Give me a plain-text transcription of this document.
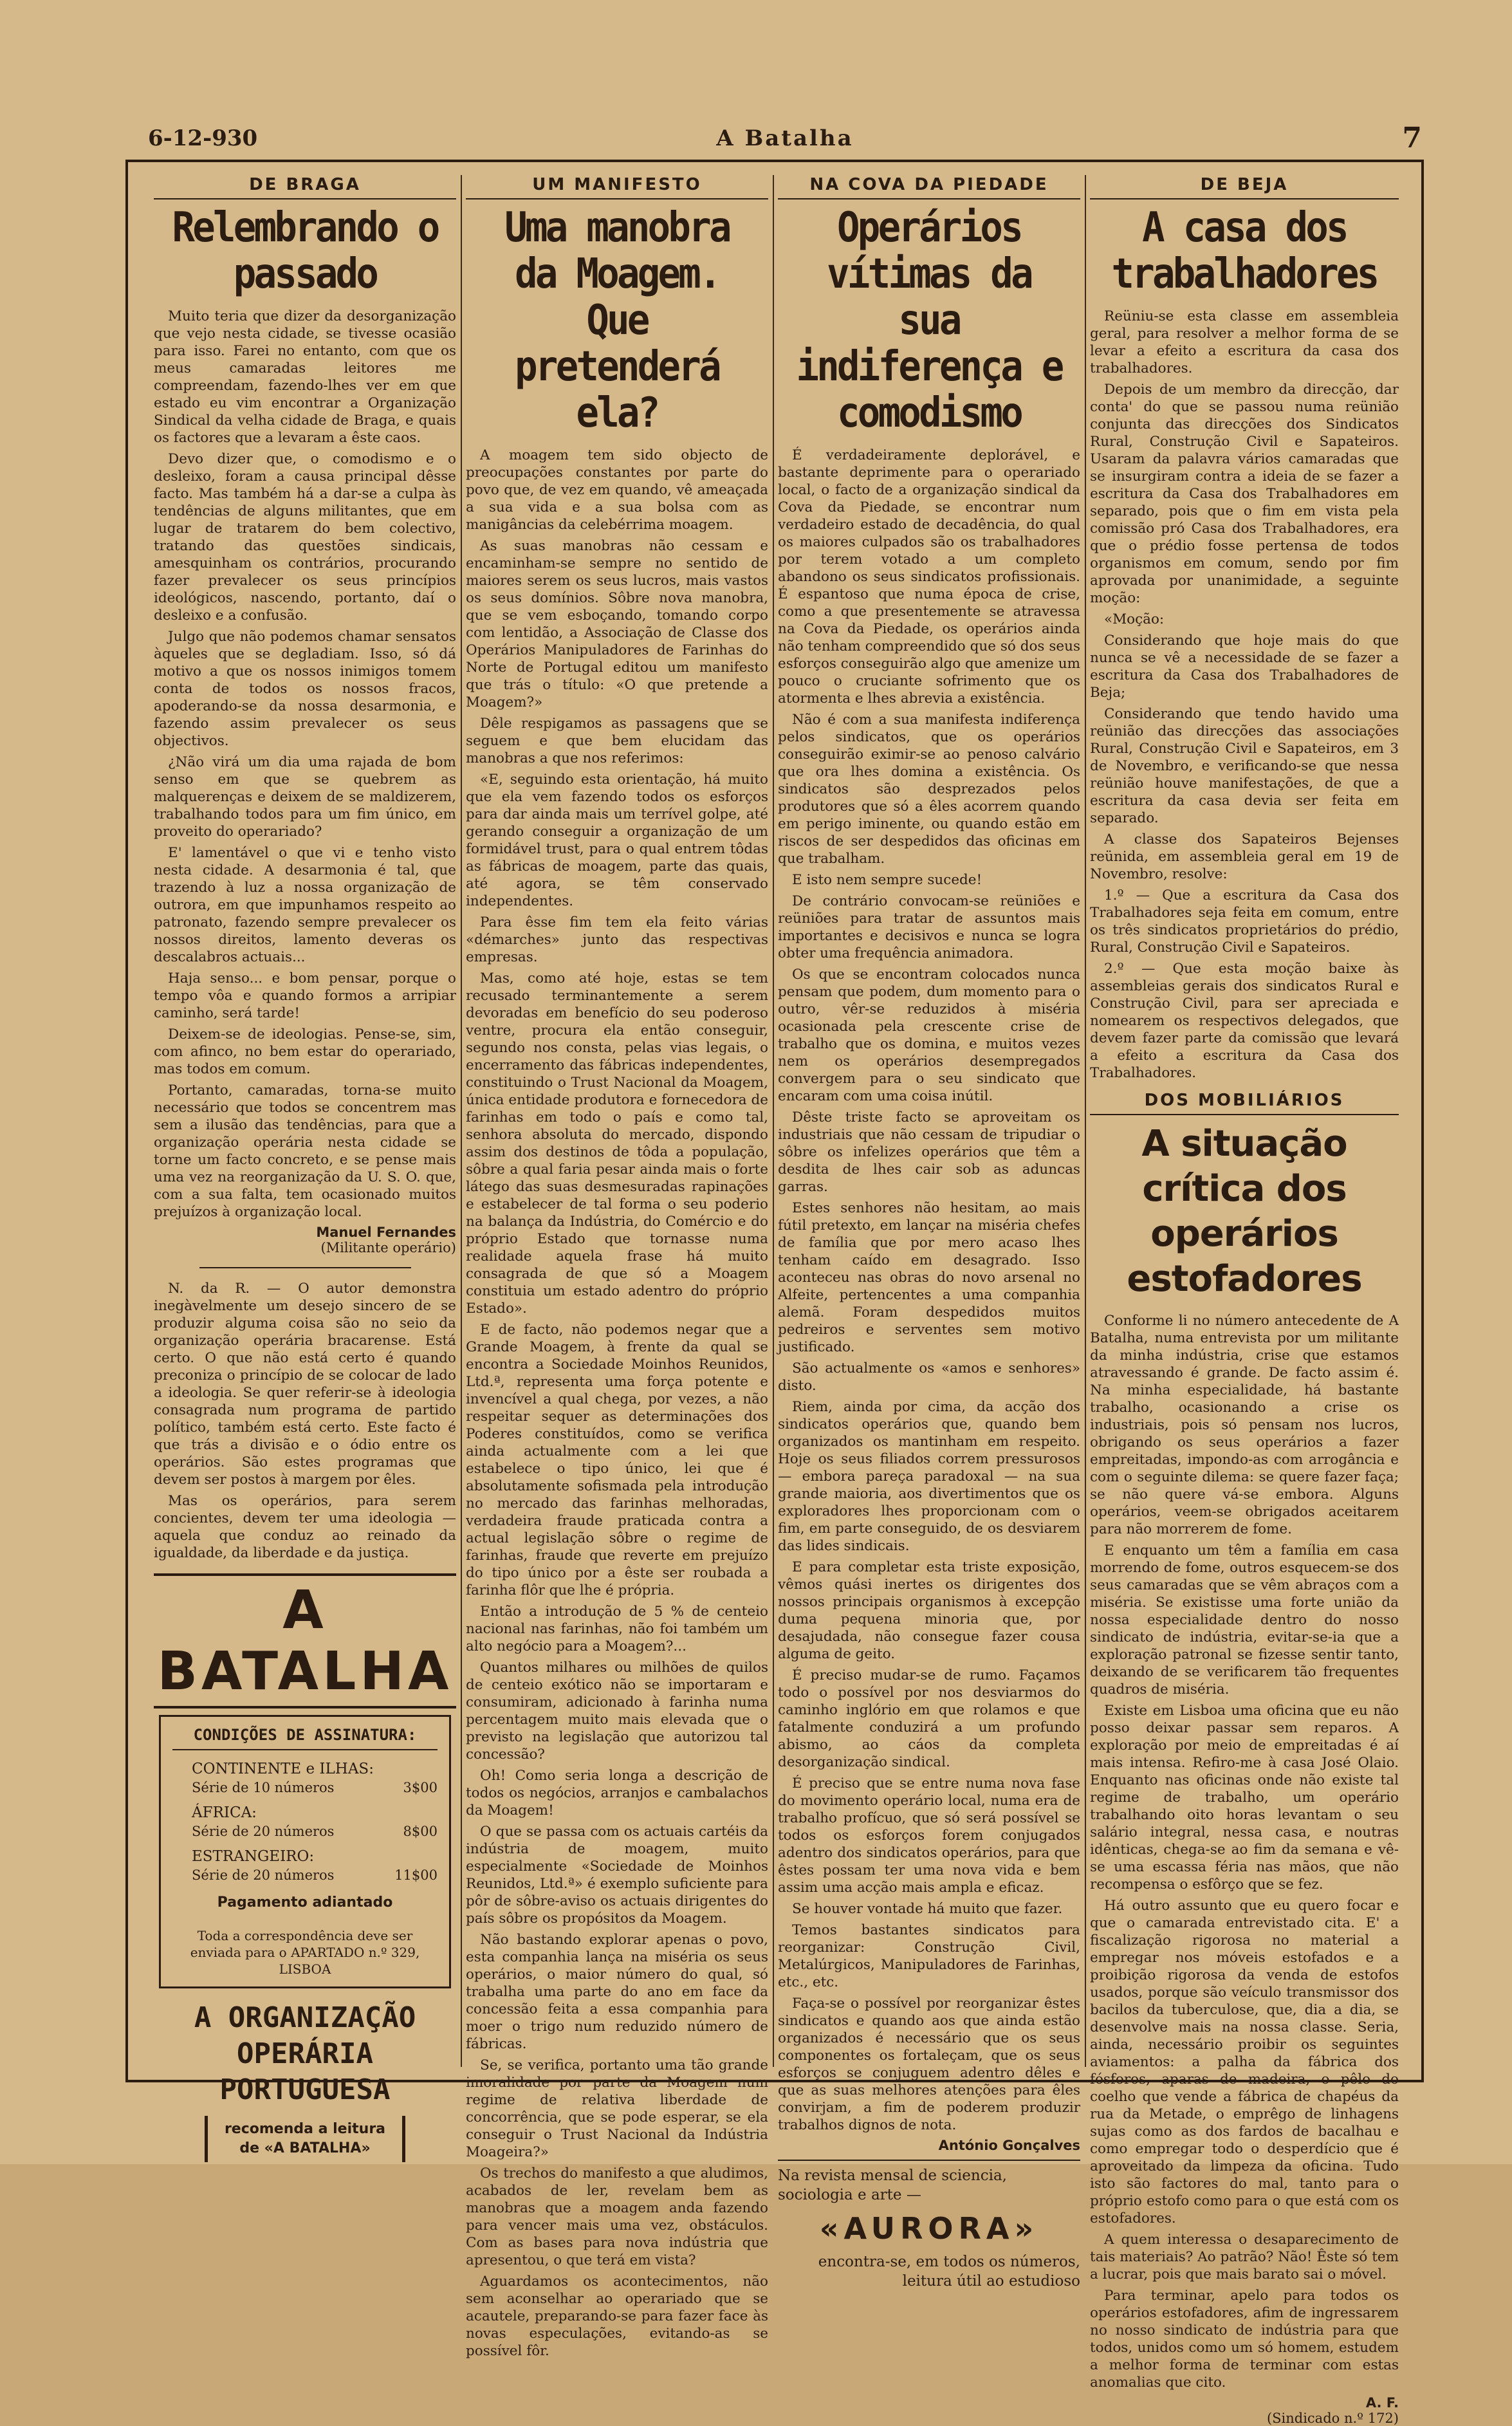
6-12-930	A Batalha	7
DE BRAGA
Relembrando o passado

Muito teria que dizer da desorganização que vejo nesta cidade, se tivesse ocasião para isso. Farei no entanto, com que os meus camaradas leitores me compreendam, fazendo-lhes ver em que estado eu vim encontrar a Organização Sindical da velha cidade de Braga, e quais os factores que a levaram a êste caos.

Devo dizer que, o comodismo e o desleixo, foram a causa principal dêsse facto. Mas também há a dar-se a culpa às tendências de alguns militantes, que em lugar de tratarem do bem colectivo, tratando das questões sindicais, amesquinham os contrários, procurando fazer prevalecer os seus princípios ideológicos, nascendo, portanto, daí o desleixo e a confusão.

Julgo que não podemos chamar sensatos àqueles que se degladiam. Isso, só dá motivo a que os nossos inimigos tomem conta de todos os nossos fracos, apoderando-se da nossa desarmonia, e fazendo assim prevalecer os seus objectivos.

¿Não virá um dia uma rajada de bom senso em que se quebrem as malquerenças e deixem de se maldizerem, trabalhando todos para um fim único, em proveito do operariado?

E' lamentável o que vi e tenho visto nesta cidade. A desarmonia é tal, que trazendo à luz a nossa organização de outrora, em que impunhamos respeito ao patronato, fazendo sempre prevalecer os nossos direitos, lamento deveras os descalabros actuais...

Haja senso... e bom pensar, porque o tempo vôa e quando formos a arripiar caminho, será tarde!

Deixem-se de ideologias. Pense-se, sim, com afinco, no bem estar do operariado, mas todos em comum.

Portanto, camaradas, torna-se muito necessário que todos se concentrem mas sem a ilusão das tendências, para que a organização operária nesta cidade se torne um facto concreto, e se pense mais uma vez na reorganização da U. S. O. que, com a sua falta, tem ocasionado muitos prejuízos à organização local.

Manuel Fernandes
(Militante operário)

N. da R. — O autor demonstra inegàvelmente um desejo sincero de se produzir alguma coisa são no seio da organização operária bracarense. Está certo. O que não está certo é quando preconiza o princípio de se colocar de lado a ideologia. Se quer referir-se à ideologia consagrada num programa de partido político, também está certo. Este facto é que trás a divisão e o ódio entre os operários. São estes programas que devem ser postos à margem por êles.

Mas os operários, para serem concientes, devem ter uma ideologia — aquela que conduz ao reinado da igualdade, da liberdade e da justiça.

A BATALHA
CONDIÇÕES DE ASSINATURA:
CONTINENTE e ILHAS:
Série de 10 números	3$00
ÁFRICA:
Série de 20 números	8$00
ESTRANGEIRO:
Série de 20 números	11$00
Pagamento adiantado
Toda a correspondência deve ser enviada para o APARTADO n.º 329, LISBOA
A ORGANIZAÇÃO OPERÁRIA PORTUGUESA
recomenda a leitura de «A BATALHA»
UM MANIFESTO
Uma manobra da Moagem. Que pretenderá ela?

A moagem tem sido objecto de preocupações constantes por parte do povo que, de vez em quando, vê ameaçada a sua vida e a sua bolsa com as manigâncias da celebérrima moagem.

As suas manobras não cessam e encaminham-se sempre no sentido de maiores serem os seus lucros, mais vastos os seus domínios. Sôbre nova manobra, que se vem esboçando, tomando corpo com lentidão, a Associação de Classe dos Operários Manipuladores de Farinhas do Norte de Portugal editou um manifesto que trás o título: «O que pretende a Moagem?»

Dêle respigamos as passagens que se seguem e que bem elucidam das manobras a que nos referimos:

«E, seguindo esta orientação, há muito que ela vem fazendo todos os esforços para dar ainda mais um terrível golpe, até gerando conseguir a organização de um formidável trust, para o qual entrem tôdas as fábricas de moagem, parte das quais, até agora, se têm conservado independentes.

Para êsse fim tem ela feito várias «démarches» junto das respectivas empresas.

Mas, como até hoje, estas se tem recusado terminantemente a serem devoradas em benefício do seu poderoso ventre, procura ela então conseguir, segundo nos consta, pelas vias legais, o encerramento das fábricas independentes, constituindo o Trust Nacional da Moagem, única entidade produtora e fornecedora de farinhas em todo o país e como tal, senhora absoluta do mercado, dispondo assim dos destinos de tôda a população, sôbre a qual faria pesar ainda mais o forte látego das suas desmesuradas rapinações e estabelecer de tal forma o seu poderio na balança da Indústria, do Comércio e do próprio Estado que tornasse numa realidade aquela frase há muito consagrada de que só a Moagem constituia um estado adentro do próprio Estado».

E de facto, não podemos negar que a Grande Moagem, à frente da qual se encontra a Sociedade Moinhos Reunidos, Ltd.ª, representa uma força potente e invencível a qual chega, por vezes, a não respeitar sequer as determinações dos Poderes constituídos, como se verifica ainda actualmente com a lei que estabelece o tipo único, lei que é absolutamente sofismada pela introdução no mercado das farinhas melhoradas, verdadeira fraude praticada contra a actual legislação sôbre o regime de farinhas, fraude que reverte em prejuízo do tipo único por a êste ser roubada a farinha flôr que lhe é própria.

Então a introdução de 5 % de centeio nacional nas farinhas, não foi também um alto negócio para a Moagem?...

Quantos milhares ou milhões de quilos de centeio exótico não se importaram e consumiram, adicionado à farinha numa percentagem muito mais elevada que o previsto na legislação que autorizou tal concessão?

Oh! Como seria longa a descrição de todos os negócios, arranjos e cambalachos da Moagem!

O que se passa com os actuais cartéis da indústria de moagem, muito especialmente «Sociedade de Moinhos Reunidos, Ltd.ª» é exemplo suficiente para pôr de sôbre-aviso os actuais dirigentes do país sôbre os propósitos da Moagem.

Não bastando explorar apenas o povo, esta companhia lança na miséria os seus operários, o maior número do qual, só trabalha uma parte do ano em face da concessão feita a essa companhia para moer o trigo num reduzido número de fábricas.

Se, se verifica, portanto uma tão grande imoralidade por parte da Moagem num regime de relativa liberdade de concorrência, que se pode esperar, se ela conseguir o Trust Nacional da Indústria Moageira?»

Os trechos do manifesto a que aludimos, acabados de ler, revelam bem as manobras que a moagem anda fazendo para vencer mais uma vez, obstáculos. Com as bases para nova indústria que apresentou, o que terá em vista?

Aguardamos os acontecimentos, não sem aconselhar ao operariado que se acautele, preparando-se para fazer face às novas especulações, evitando-as se possível fôr.

NA COVA DA PIEDADE
Operários vítimas da sua indiferença e comodismo

É verdadeiramente deplorável, e bastante deprimente para o operariado local, o facto de a organização sindical da Cova da Piedade, se encontrar num verdadeiro estado de decadência, do qual os maiores culpados são os trabalhadores por terem votado a um completo abandono os seus sindicatos profissionais. É espantoso que numa época de crise, como a que presentemente se atravessa na Cova da Piedade, os operários ainda não tenham compreendido que só dos seus esforços conseguirão algo que amenize um pouco o cruciante sofrimento que os atormenta e lhes abrevia a existência.

Não é com a sua manifesta indiferença pelos sindicatos, que os operários conseguirão eximir-se ao penoso calvário que ora lhes domina a existência. Os sindicatos são desprezados pelos produtores que só a êles acorrem quando em perigo iminente, ou quando estão em riscos de ser despedidos das oficinas em que trabalham.

E isto nem sempre sucede!

De contrário convocam-se reüniões e reüniões para tratar de assuntos mais importantes e decisivos e nunca se logra obter uma frequência animadora.

Os que se encontram colocados nunca pensam que podem, dum momento para o outro, vêr-se reduzidos à miséria ocasionada pela crescente crise de trabalho que os domina, e muitos vezes nem os operários desempregados convergem para o seu sindicato que encaram com uma coisa inútil.

Dêste triste facto se aproveitam os industriais que não cessam de tripudiar o sôbre os infelizes operários que têm a desdita de lhes cair sob as aduncas garras.

Estes senhores não hesitam, ao mais fútil pretexto, em lançar na miséria chefes de família que por mero acaso lhes tenham caído em desagrado. Isso aconteceu nas obras do novo arsenal no Alfeite, pertencentes a uma companhia alemã. Foram despedidos muitos pedreiros e serventes sem motivo justificado.

São actualmente os «amos e senhores» disto.

Riem, ainda por cima, da acção dos sindicatos operários que, quando bem organizados os mantinham em respeito. Hoje os seus filiados correm pressurosos — embora pareça paradoxal — na sua grande maioria, aos divertimentos que os exploradores lhes proporcionam com o fim, em parte conseguido, de os desviarem das lides sindicais.

E para completar esta triste exposição, vêmos quási inertes os dirigentes dos nossos principais organismos à excepção duma pequena minoria que, por desajudada, não consegue fazer cousa alguma de geito.

É preciso mudar-se de rumo. Façamos todo o possível por nos desviarmos do caminho inglório em que rolamos e que fatalmente conduzirá a um profundo abismo, ao cáos da completa desorganização sindical.

É preciso que se entre numa nova fase do movimento operário local, numa era de trabalho profícuo, que só será possível se todos os esforços forem conjugados adentro dos sindicatos operários, para que êstes possam ter uma nova vida e bem assim uma acção mais ampla e eficaz.

Se houver vontade há muito que fazer.

Temos bastantes sindicatos para reorganizar: Construção Civil, Metalúrgicos, Manipuladores de Farinhas, etc., etc.

Faça-se o possível por reorganizar êstes sindicatos e quando aos que ainda estão organizados é necessário que os seus componentes os fortaleçam, que os seus esforços se conjuguem adentro dêles e que as suas melhores atenções para êles convirjam, a fim de poderem produzir trabalhos dignos de nota.

António Gonçalves
Na revista mensal de sciencia, sociologia e arte —
«AURORA»
encontra-se, em todos os números, leitura útil ao estudioso
DE BEJA
A casa dos trabalhadores

Reüniu-se esta classe em assembleia geral, para resolver a melhor forma de se levar a efeito a escritura da casa dos trabalhadores.

Depois de um membro da direcção, dar conta' do que se passou numa reünião conjunta das direcções dos Sindicatos Rural, Construção Civil e Sapateiros. Usaram da palavra vários camaradas que se insurgiram contra a ideia de se fazer a escritura da Casa dos Trabalhadores em separado, pois que o fim em vista pela comissão pró Casa dos Trabalhadores, era que o prédio fosse pertensa de todos organismos em comum, sendo por fim aprovada por unanimidade, a seguinte moção:

«Moção:

Considerando que hoje mais do que nunca se vê a necessidade de se fazer a escritura da Casa dos Trabalhadores de Beja;

Considerando que tendo havido uma reünião das direcções das associações Rural, Construção Civil e Sapateiros, em 3 de Novembro, e verificando-se que nessa reünião houve manifestações, de que a escritura da casa devia ser feita em separado.

A classe dos Sapateiros Bejenses reünida, em assembleia geral em 19 de Novembro, resolve:

1.º — Que a escritura da Casa dos Trabalhadores seja feita em comum, entre os três sindicatos proprietários do prédio, Rural, Construção Civil e Sapateiros.

2.º — Que esta moção baixe às assembleias gerais dos sindicatos Rural e Construção Civil, para ser apreciada e nomearem os respectivos delegados, que devem fazer parte da comissão que levará a efeito a escritura da Casa dos Trabalhadores.

DOS MOBILIÁRIOS
A situação crítica dos operários estofadores

Conforme li no número antecedente de A Batalha, numa entrevista por um militante da minha indústria, crise que estamos atravessando é grande. De facto assim é. Na minha especialidade, há bastante trabalho, ocasionando a crise os industriais, pois só pensam nos lucros, obrigando os seus operários a fazer empreitadas, impondo-as com arrogância e com o seguinte dilema: se quere fazer faça; se não quere vá-se embora. Alguns operários, veem-se obrigados aceitarem para não morrerem de fome.

E enquanto um têm a família em casa morrendo de fome, outros esquecem-se dos seus camaradas que se vêm abraços com a miséria. Se existisse uma forte união da nossa especialidade dentro do nosso sindicato de indústria, evitar-se-ia que a exploração patronal se fizesse sentir tanto, deixando de se verificarem tão frequentes quadros de miséria.

Existe em Lisboa uma oficina que eu não posso deixar passar sem reparos. A exploração por meio de empreitadas é aí mais intensa. Refiro-me à casa José Olaio. Enquanto nas oficinas onde não existe tal regime de trabalho, um operário trabalhando oito horas levantam o seu salário integral, nessa casa, e noutras idênticas, chega-se ao fim da semana e vê-se uma escassa féria nas mãos, que não recompensa o esfôrço que se fez.

Há outro assunto que eu quero focar e que o camarada entrevistado cita. E' a fiscalização rigorosa no material a empregar nos móveis estofados e a proibição rigorosa da venda de estofos usados, porque são veículo transmissor dos bacilos da tuberculose, que, dia a dia, se desenvolve mais na nossa classe. Seria, ainda, necessário proibir os seguintes aviamentos: a palha da fábrica dos fósforos, aparas de madeira, o pêlo do coelho que vende a fábrica de chapéus da rua da Metade, o emprêgo de linhagens sujas como as dos fardos de bacalhau e como empregar todo o desperdício que é aproveitado da limpeza da oficina. Tudo isto são factores do mal, tanto para o próprio estofo como para o que está com os estofadores.

A quem interessa o desaparecimento de tais materiais? Ao patrão? Não! Êste só tem a lucrar, pois que mais barato sai o móvel.

Para terminar, apelo para todos os operários estofadores, afim de ingressarem no nosso sindicato de indústria para que todos, unidos como um só homem, estudem a melhor forma de terminar com estas anomalias que cito.

A. F.
(Sindicado n.º 172)
